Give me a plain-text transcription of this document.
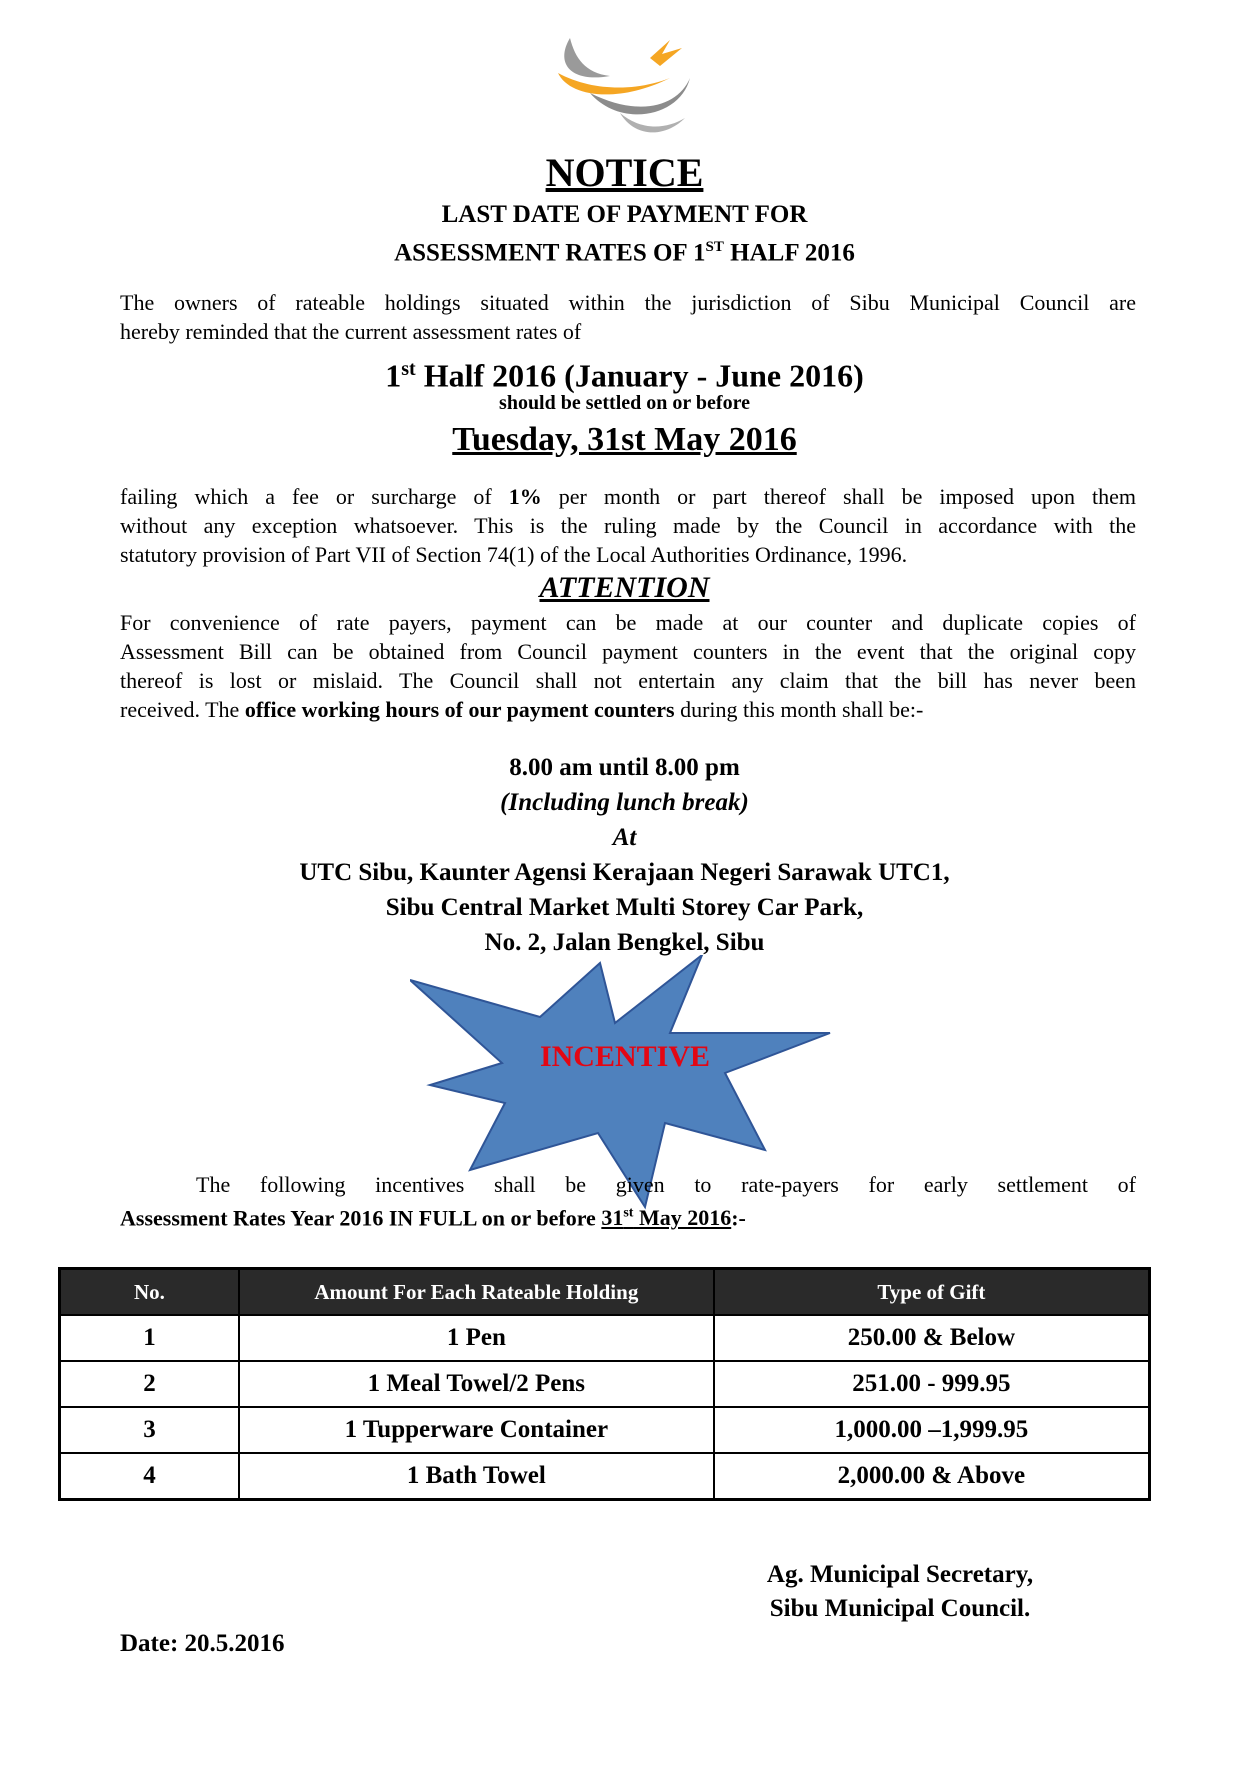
NOTICE
LAST DATE OF PAYMENT FOR
ASSESSMENT RATES OF 1ST HALF 2016
The owners of rateable holdings situated within the jurisdiction of Sibu Municipal Council are
hereby reminded that the current assessment rates of
1st Half 2016 (January - June 2016)
should be settled on or before
Tuesday, 31st May 2016
failing which a fee or surcharge of 1% per month or part thereof shall be imposed upon them
without any exception whatsoever. This is the ruling made by the Council in accordance with the
statutory provision of Part VII of Section 74(1) of the Local Authorities Ordinance, 1996.
ATTENTION
For convenience of rate payers, payment can be made at our counter and duplicate copies of
Assessment Bill can be obtained from Council payment counters in the event that the original copy
thereof is lost or mislaid. The Council shall not entertain any claim that the bill has never been
received. The office working hours of our payment counters during this month shall be:-
8.00 am until 8.00 pm
(Including lunch break)
At
UTC Sibu, Kaunter Agensi Kerajaan Negeri Sarawak UTC1,
Sibu Central Market Multi Storey Car Park,
No. 2, Jalan Bengkel, Sibu
INCENTIVE
The following incentives shall be given to rate-payers for early settlement of
Assessment Rates Year 2016 IN FULL on or before 31st May 2016:-
No.	Amount For Each Rateable Holding	Type of Gift
1	1 Pen	250.00 & Below
2	1 Meal Towel/2 Pens	251.00 - 999.95
3	1 Tupperware Container	1,000.00 –1,999.95
4	1 Bath Towel	2,000.00 & Above
Ag. Municipal Secretary,
Sibu Municipal Council.
Date: 20.5.2016
